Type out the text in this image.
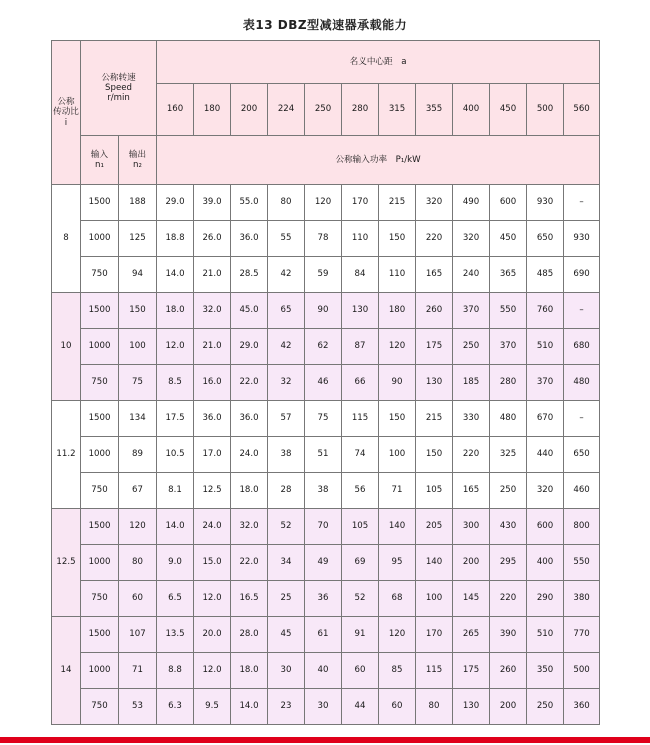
表13 DBZ型减速器承载能力
公称
传动比
i	公称转速
Speed
r/min		名义中心距　a											
			160	180	200	224	250	280	315	355	400	450	500	560
	输入
n₁	输出
n₂	公称输入功率　P₁/kW											
8	1500	188	29.0	39.0	55.0	80	120	170	215	320	490	600	930	–
	1000	125	18.8	26.0	36.0	55	78	110	150	220	320	450	650	930
	750	94	14.0	21.0	28.5	42	59	84	110	165	240	365	485	690
10	1500	150	18.0	32.0	45.0	65	90	130	180	260	370	550	760	–
	1000	100	12.0	21.0	29.0	42	62	87	120	175	250	370	510	680
	750	75	8.5	16.0	22.0	32	46	66	90	130	185	280	370	480
11.2	1500	134	17.5	36.0	36.0	57	75	115	150	215	330	480	670	–
	1000	89	10.5	17.0	24.0	38	51	74	100	150	220	325	440	650
	750	67	8.1	12.5	18.0	28	38	56	71	105	165	250	320	460
12.5	1500	120	14.0	24.0	32.0	52	70	105	140	205	300	430	600	800
	1000	80	9.0	15.0	22.0	34	49	69	95	140	200	295	400	550
	750	60	6.5	12.0	16.5	25	36	52	68	100	145	220	290	380
14	1500	107	13.5	20.0	28.0	45	61	91	120	170	265	390	510	770
	1000	71	8.8	12.0	18.0	30	40	60	85	115	175	260	350	500
	750	53	6.3	9.5	14.0	23	30	44	60	80	130	200	250	360
